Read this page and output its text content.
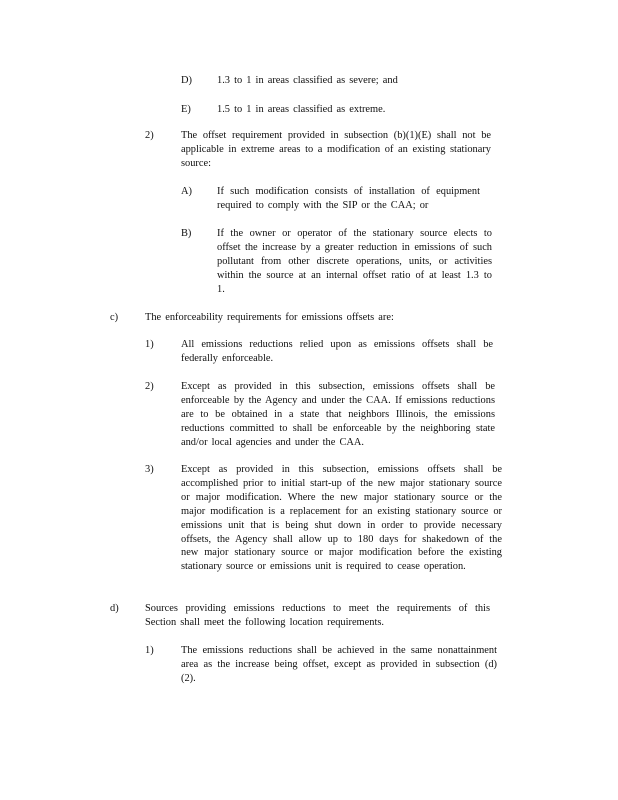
D) 1.3 to 1 in areas classified as severe; and

E)	1.5 to 1 in areas classified as extreme.

2)	The offset requirement provided in subsection (b)(1)(E) shall not be applicable in extreme areas to a modification of an existing stationary source:

A) If such modification consists of installation of equipment required to comply with the SIP or the CAA; or

B) If the owner or operator of the stationary source elects to offset the increase by a greater reduction in emissions of such pollutant from other discrete operations, units, or activities within the source at an internal offset ratio of at least 1.3 to 1.

c)	The enforceability requirements for emissions offsets are:

1)	All emissions reductions relied upon as emissions offsets shall be federally enforceable.

2)	Except as provided in this subsection, emissions offsets shall be enforceable by the Agency and under the CAA. If emissions reductions are to be obtained in a state that neighbors Illinois, the emissions reductions committed to shall be enforceable by the neighboring state and/or local agencies and under the CAA.

3)	Except as provided in this subsection, emissions offsets shall be accomplished prior to initial start-up of the new major stationary source or major modification. Where the new major stationary source or the major modification is a replacement for an existing stationary source or emissions unit that is being shut down in order to provide necessary offsets, the Agency shall allow up to 180 days for shakedown of the new major stationary source or major modification before the existing stationary source or emissions unit is required to cease operation.

d)	Sources providing emissions reductions to meet the requirements of this Section shall meet the following location requirements.

1)	The emissions reductions shall be achieved in the same nonattainment area as the increase being offset, except as provided in subsection (d)(2).
